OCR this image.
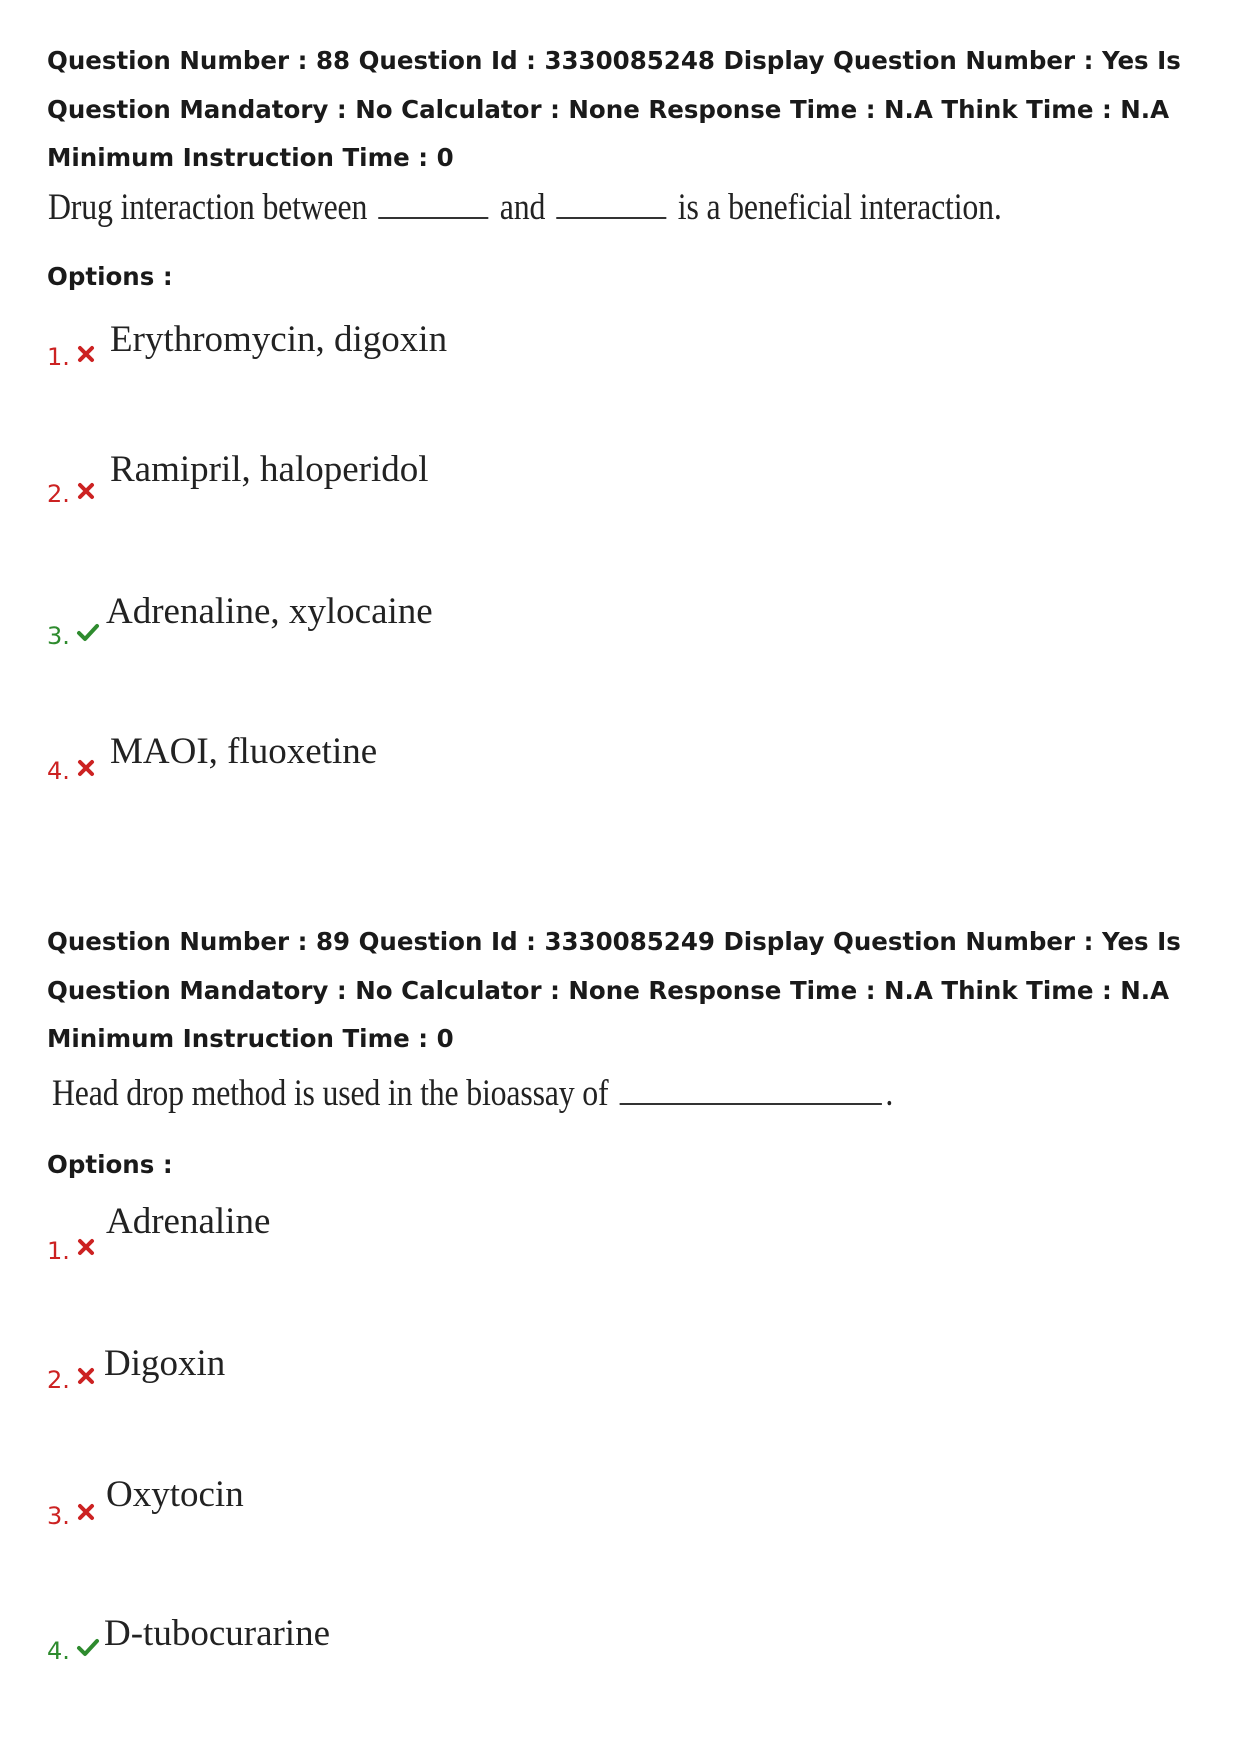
Question Number : 88 Question Id : 3330085248 Display Question Number : Yes Is Question Mandatory : No Calculator : None Response Time : N.A Think Time : N.A Minimum Instruction Time : 0

Drug interaction between	and	is a beneficial interaction.
Options :
1. Erythromycin, digoxin
2.
Ramipril, haloperidol
3.
Adrenaline, xylocaine
4. MAOI, fluoxetine

Question Number : 89 Question Id : 3330085249 Display Question Number : Yes Is Question Mandatory : No Calculator : None Response Time : N.A Think Time : N.A Minimum Instruction Time : 0

Head drop method is used in the bioassay of	.
Options :
1.
Adrenaline
2. Digoxin
3.
Oxytocin
4. D-tubocurarine
